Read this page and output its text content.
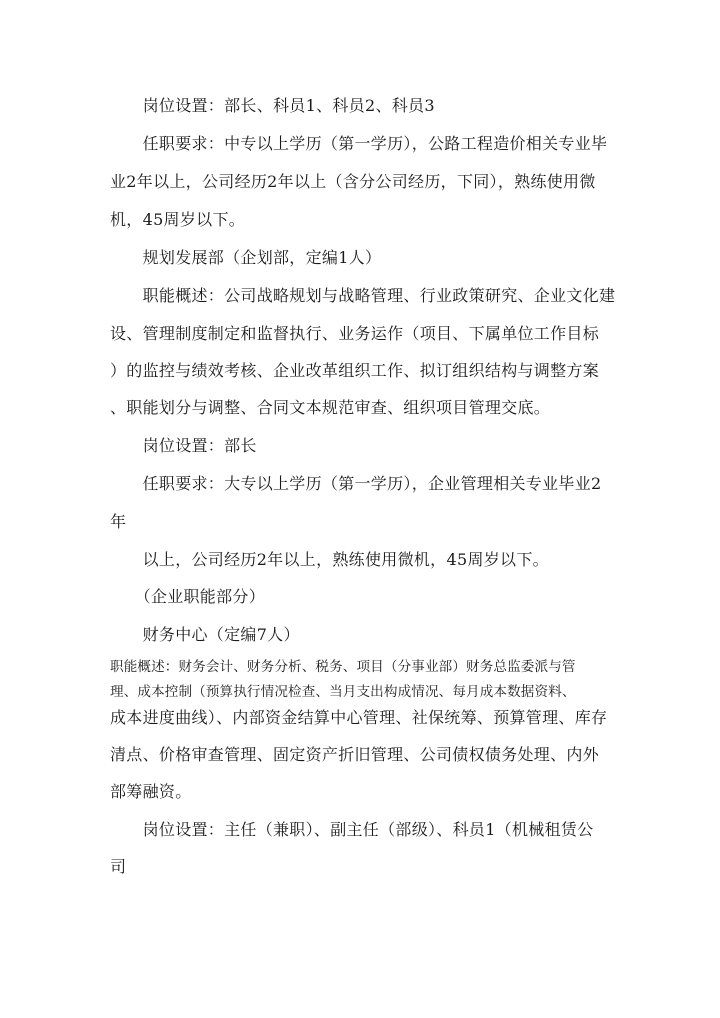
　　岗位设置：部长、科员1、科员2、科员3
　　任职要求：中专以上学历（第一学历），公路工程造价相关专业毕
业2年以上，公司经历2年以上（含分公司经历，下同），熟练使用微
机，45周岁以下。
　　规划发展部（企划部，定编1人）
　　职能概述：公司战略规划与战略管理、行业政策研究、企业文化建
设、管理制度制定和监督执行、业务运作（项目、下属单位工作目标
）的监控与绩效考核、企业改革组织工作、拟订组织结构与调整方案
、职能划分与调整、合同文本规范审查、组织项目管理交底。
　　岗位设置：部长
　　任职要求：大专以上学历（第一学历），企业管理相关专业毕业2
年
　　以上，公司经历2年以上，熟练使用微机，45周岁以下。
　　（企业职能部分）
　　财务中心（定编7人）
职能概述：财务会计、财务分析、税务、项目（分事业部）财务总监委派与管
理、成本控制（预算执行情况检查、当月支出构成情况、每月成本数据资料、
成本进度曲线）、内部资金结算中心管理、社保统筹、预算管理、库存
清点、价格审查管理、固定资产折旧管理、公司债权债务处理、内外
部筹融资。
　　岗位设置：主任（兼职）、副主任（部级）、科员1（机械租赁公
司
